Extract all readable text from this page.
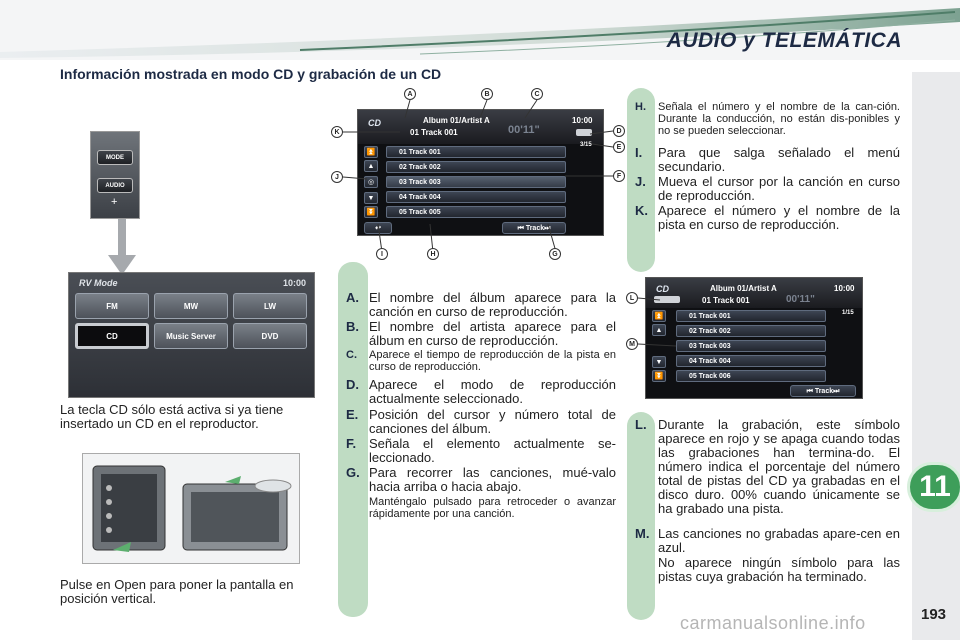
AUDIO y TELEMÁTICA
Información mostrada en modo CD y grabación de un CD
11
193
MODE
AUDIO
+
RV Mode	10:00
FM	MW	LW
CD	Music Server	DVD
La tecla CD sólo está activa si ya tiene insertado un CD en el reproductor.
Pulse en Open para poner la pantalla en posición vertical.
CD	Album 01/Artist A
01 Track 001	00'11"
10:00
3/15
⏫
▲
◎
▼
⏬
01 Track 001
02 Track 002
03 Track 003
04 Track 004
05 Track 005
↩	⏮ Track⏭
A	B	C
D
E
F
G
H
I
J
K
A. El nombre del álbum aparece para la canción en curso de reproducción.
B. El nombre del artista aparece para el álbum en curso de reproducción.
C.	Aparece el tiempo de reproducción de la pista en curso de reproducción.
D. Aparece el modo de reproducción actualmente seleccionado.
E. Posición del cursor y número total de canciones del álbum.
F. Señala el elemento actualmente se-leccionado.
G. Para recorrer las canciones, mué-valo hacia arriba o hacia abajo.
Manténgalo pulsado para retroceder o avanzar rápidamente por una canción.
H.	Señala el número y el nombre de la can-ción. Durante la conducción, no están dis-ponibles y no se pueden seleccionar.
I.	Para que salga señalado el menú secundario.
J. Mueva el cursor por la canción en curso de reproducción.
K. Aparece el número y el nombre de la pista en curso de reproducción.
CD	Album 01/Artist A
01 Track 001	00'11"
10:00
1/15
⏫
▲
▼
⏬
01 Track 001
02 Track 002
03 Track 003
04 Track 004
05 Track 006
⏮ Track⏭
L
M
L. Durante la grabación, este símbolo aparece en rojo y se apaga cuando todas las grabaciones han termina-do. El número indica el porcentaje del número total de pistas del CD ya grabadas en el disco duro. 00% cuando únicamente se ha grabado una pista.
M. Las canciones no grabadas apare-cen en azul.
No aparece ningún símbolo para las pistas cuya grabación ha terminado.
carmanualsonline.info
